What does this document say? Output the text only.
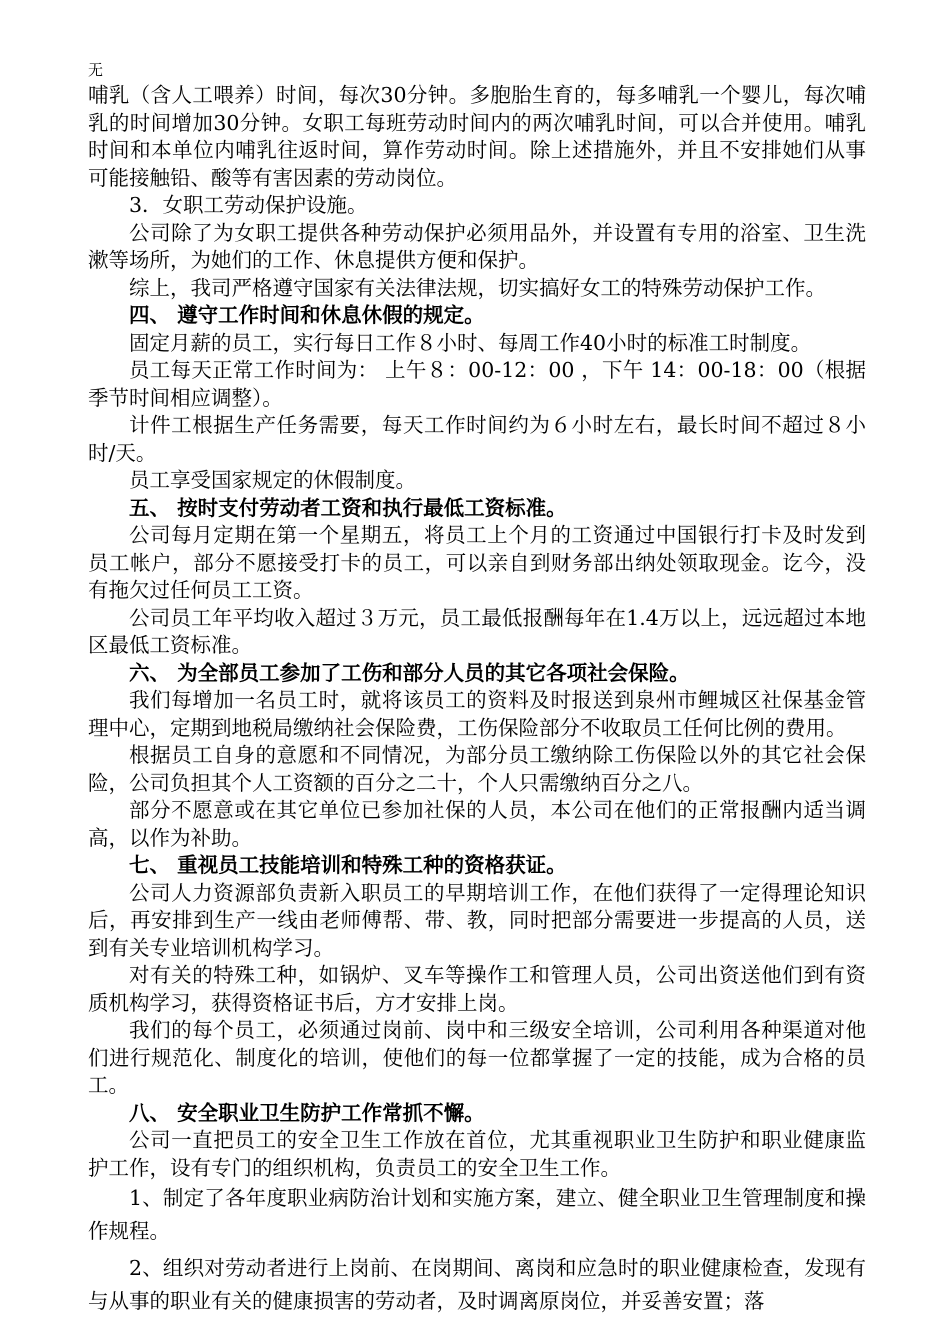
无

哺乳（含人工喂养）时间，每次30分钟。多胞胎生育的，每多哺乳一个婴儿，每次哺乳的时间增加30分钟。女职工每班劳动时间内的两次哺乳时间，可以合并使用。哺乳时间和本单位内哺乳往返时间，算作劳动时间。除上述措施外，并且不安排她们从事可能接触铅、酸等有害因素的劳动岗位。

3．女职工劳动保护设施。

公司除了为女职工提供各种劳动保护必须用品外，并设置有专用的浴室、卫生洗漱等场所，为她们的工作、休息提供方便和保护。

综上，我司严格遵守国家有关法律法规，切实搞好女工的特殊劳动保护工作。

四、 遵守工作时间和休息休假的规定。

固定月薪的员工，实行每日工作８小时、每周工作40小时的标准工时制度。

员工每天正常工作时间为： 上午８：00-12：00 ，下午 14：00-18：00（根据季节时间相应调整）。

计件工根据生产任务需要，每天工作时间约为６小时左右，最长时间不超过８小时/天。

员工享受国家规定的休假制度。

五、 按时支付劳动者工资和执行最低工资标准。

公司每月定期在第一个星期五，将员工上个月的工资通过中国银行打卡及时发到员工帐户，部分不愿接受打卡的员工，可以亲自到财务部出纳处领取现金。讫今，没有拖欠过任何员工工资。

公司员工年平均收入超过３万元，员工最低报酬每年在1.4万以上，远远超过本地区最低工资标准。

六、 为全部员工参加了工伤和部分人员的其它各项社会保险。

我们每增加一名员工时，就将该员工的资料及时报送到泉州市鲤城区社保基金管理中心，定期到地税局缴纳社会保险费，工伤保险部分不收取员工任何比例的费用。

根据员工自身的意愿和不同情况，为部分员工缴纳除工伤保险以外的其它社会保险，公司负担其个人工资额的百分之二十，个人只需缴纳百分之八。

部分不愿意或在其它单位已参加社保的人员，本公司在他们的正常报酬内适当调高，以作为补助。

七、 重视员工技能培训和特殊工种的资格获证。

公司人力资源部负责新入职员工的早期培训工作，在他们获得了一定得理论知识后，再安排到生产一线由老师傅帮、带、教，同时把部分需要进一步提高的人员，送到有关专业培训机构学习。

对有关的特殊工种，如锅炉、叉车等操作工和管理人员，公司出资送他们到有资质机构学习，获得资格证书后，方才安排上岗。

我们的每个员工，必须通过岗前、岗中和三级安全培训，公司利用各种渠道对他们进行规范化、制度化的培训，使他们的每一位都掌握了一定的技能，成为合格的员工。

八、 安全职业卫生防护工作常抓不懈。

公司一直把员工的安全卫生工作放在首位，尤其重视职业卫生防护和职业健康监护工作，设有专门的组织机构，负责员工的安全卫生工作。

1、制定了各年度职业病防治计划和实施方案，建立、健全职业卫生管理制度和操作规程。

2、组织对劳动者进行上岗前、在岗期间、离岗和应急时的职业健康检查，发现有与从事的职业有关的健康损害的劳动者，及时调离原岗位，并妥善安置；落
